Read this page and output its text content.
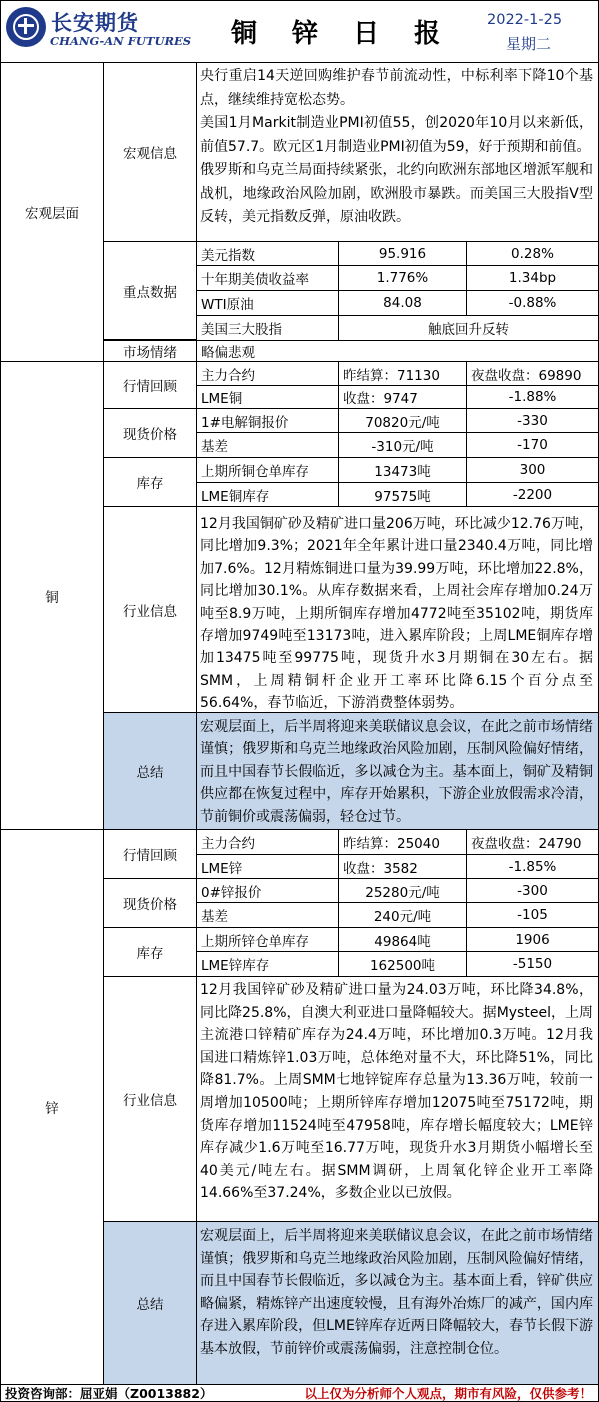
长安期货
CHANG-AN FUTURES 铜 锌 日 报 2022-1-25
星期二
宏观层面
宏观信息

央行重启14天逆回购维护春节前流动性，中标利率下降10个基点，继续维持宽松态势。

美国1月Markit制造业PMI初值55，创2020年10月以来新低，前值57.7。欧元区1月制造业PMI初值为59，好于预期和前值。

俄罗斯和乌克兰局面持续紧张，北约向欧洲东部地区增派军舰和战机，地缘政治风险加剧，欧洲股市暴跌。而美国三大股指V型反转，美元指数反弹，原油收跌。

重点数据
美元指数	95.916	0.28%
十年期美债收益率	1.776%	1.34bp
WTI原油	84.08	-0.88%
美国三大股指	触底回升反转
市场情绪	略偏悲观
铜
行情回顾
主力合约	昨结算：71130	夜盘收盘：69890
LME铜	收盘：9747	-1.88%
现货价格
1#电解铜报价	70820元/吨	-330
基差	-310元/吨	-170
库存
上期所铜仓单库存	13473吨	300
LME铜库存	97575吨	-2200
行业信息
12月我国铜矿砂及精矿进口量206万吨，环比减少12.76万吨，同比增加9.3%；2021年全年累计进口量2340.4万吨，同比增加7.6%。12月精炼铜进口量为39.99万吨，环比增加22.8%，同比增加30.1%。从库存数据来看，上周社会库存增加0.24万吨至8.9万吨，上期所铜库存增加4772吨至35102吨，期货库存增加9749吨至13173吨，进入累库阶段；上周LME铜库存增加13475吨至99775吨，现货升水3月期铜在30左右。据SMM，上周精铜杆企业开工率环比降6.15个百分点至56.64%，春节临近，下游消费整体弱势。
总结
宏观层面上，后半周将迎来美联储议息会议，在此之前市场情绪谨慎；俄罗斯和乌克兰地缘政治风险加剧，压制风险偏好情绪，而且中国春节长假临近，多以减仓为主。基本面上，铜矿及精铜供应都在恢复过程中，库存开始累积，下游企业放假需求冷清，节前铜价或震荡偏弱，轻仓过节。
锌
行情回顾
主力合约	昨结算：25040	夜盘收盘：24790
LME锌	收盘：3582	-1.85%
现货价格
0#锌报价	25280元/吨	-300
基差	240元/吨	-105
库存
上期所锌仓单库存	49864吨	1906
LME锌库存	162500吨	-5150
行业信息
12月我国锌矿砂及精矿进口量为24.03万吨，环比降34.8%，同比降25.8%，自澳大利亚进口量降幅较大。据Mysteel，上周主流港口锌精矿库存为24.4万吨，环比增加0.3万吨。12月我国进口精炼锌1.03万吨，总体绝对量不大，环比降51%，同比降81.7%。上周SMM七地锌锭库存总量为13.36万吨，较前一周增加10500吨；上期所锌库存增加12075吨至75172吨，期货库存增加11524吨至47958吨，库存增长幅度较大；LME锌库存减少1.6万吨至16.77万吨，现货升水3月期货小幅增长至40美元/吨左右。据SMM调研，上周氧化锌企业开工率降14.66%至37.24%，多数企业以已放假。
总结
宏观层面上，后半周将迎来美联储议息会议，在此之前市场情绪谨慎；俄罗斯和乌克兰地缘政治风险加剧，压制风险偏好情绪，而且中国春节长假临近，多以减仓为主。基本面上看，锌矿供应略偏紧，精炼锌产出速度较慢，且有海外冶炼厂的减产，国内库存进入累库阶段，但LME锌库存近两日降幅较大，春节长假下游基本放假，节前锌价或震荡偏弱，注意控制仓位。
投资咨询部：屈亚娟（Z0013882）	以上仅为分析师个人观点，期市有风险，仅供参考！
